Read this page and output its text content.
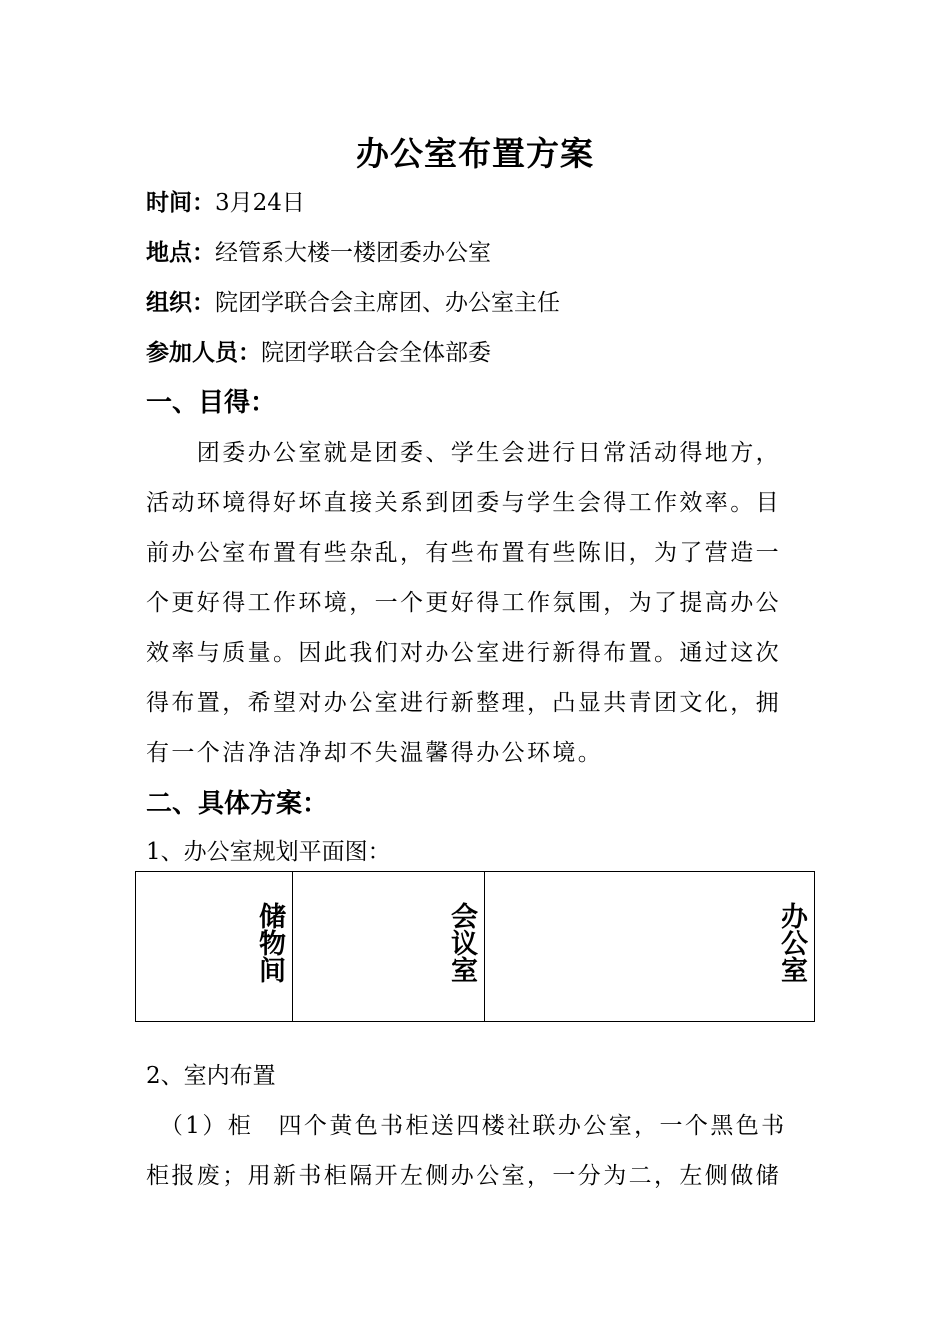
办公室布置方案
时间：3月24日
地点：经管系大楼一楼团委办公室
组织：院团学联合会主席团、办公室主任
参加人员：院团学联合会全体部委
一、目得：
　　团委办公室就是团委、学生会进行日常活动得地方，
活动环境得好坏直接关系到团委与学生会得工作效率。目
前办公室布置有些杂乱，有些布置有些陈旧，为了营造一
个更好得工作环境，一个更好得工作氛围，为了提高办公
效率与质量。因此我们对办公室进行新得布置。通过这次
得布置，希望对办公室进行新整理，凸显共青团文化，拥
有一个洁净洁净却不失温馨得办公环境。
二、具体方案：
1、办公室规划平面图：
储物间	会议室	办公室
2、室内布置
　（1）柜　四个黄色书柜送四楼社联办公室，一个黑色书
柜报废；用新书柜隔开左侧办公室，一分为二，左侧做储
